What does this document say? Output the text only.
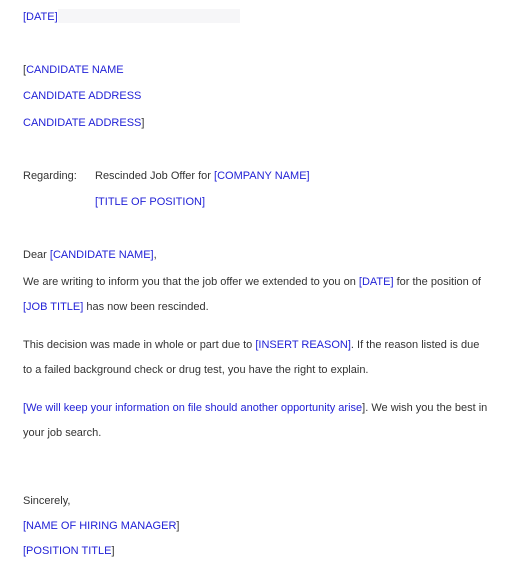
[DATE]
[CANDIDATE NAME
CANDIDATE ADDRESS
CANDIDATE ADDRESS]
Regarding: Rescinded Job Offer for [COMPANY NAME]
[TITLE OF POSITION]
Dear [CANDIDATE NAME],
We are writing to inform you that the job offer we extended to you on [DATE] for the position of
[JOB TITLE] has now been rescinded.
This decision was made in whole or part due to [INSERT REASON]. If the reason listed is due
to a failed background check or drug test, you have the right to explain.
[We will keep your information on file should another opportunity arise]. We wish you the best in
your job search.
Sincerely,
[NAME OF HIRING MANAGER]
[POSITION TITLE]
